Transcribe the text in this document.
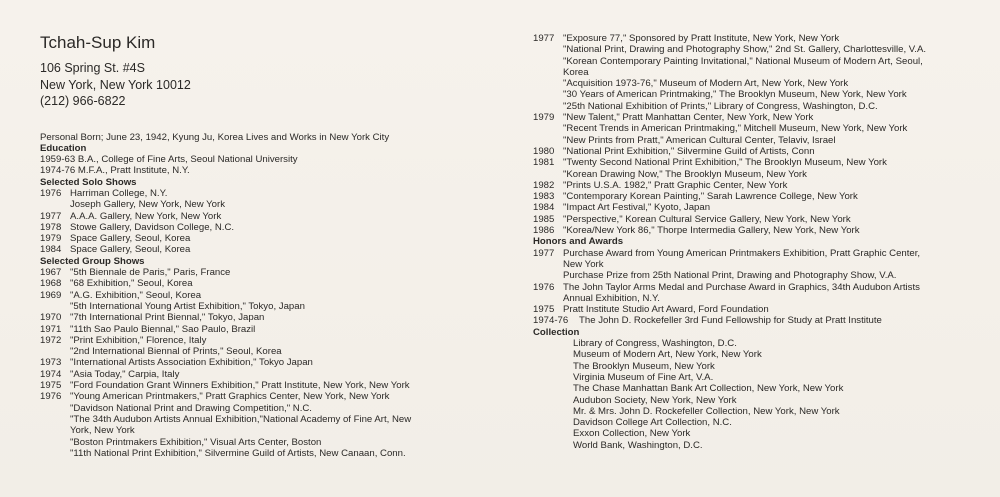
Tchah-Sup Kim
106 Spring St. #4S
New York, New York 10012
(212) 966-6822
Personal Born; June 23, 1942, Kyung Ju, Korea Lives and Works in New York City
Education
1959-63 B.A., College of Fine Arts, Seoul National University
1974-76 M.F.A., Pratt Institute, N.Y.
Selected Solo Shows
1976 Harriman College, N.Y.
Joseph Gallery, New York, New York
1977 A.A.A. Gallery, New York, New York
1978 Stowe Gallery, Davidson College, N.C.
1979 Space Gallery, Seoul, Korea
1984 Space Gallery, Seoul, Korea
Selected Group Shows
1967 "5th Biennale de Paris," Paris, France
1968 "68 Exhibition," Seoul, Korea
1969 "A.G. Exhibition," Seoul, Korea
"5th International Young Artist Exhibition," Tokyo, Japan
1970 "7th International Print Biennal," Tokyo, Japan
1971 "11th Sao Paulo Biennal," Sao Paulo, Brazil
1972 "Print Exhibition," Florence, Italy
"2nd International Biennal of Prints," Seoul, Korea
1973 "International Artists Association Exhibition," Tokyo Japan
1974 "Asia Today," Carpia, Italy
1975 "Ford Foundation Grant Winners Exhibition," Pratt Institute, New York, New York
1976 "Young American Printmakers," Pratt Graphics Center, New York, New York
"Davidson National Print and Drawing Competition," N.C.
"The 34th Audubon Artists Annual Exhibition,"National Academy of Fine Art, New
York, New York
"Boston Printmakers Exhibition," Visual Arts Center, Boston
"11th National Print Exhibition," Silvermine Guild of Artists, New Canaan, Conn.
1977 "Exposure 77," Sponsored by Pratt Institute, New York, New York
"National Print, Drawing and Photography Show," 2nd St. Gallery, Charlottesville, V.A.
"Korean Contemporary Painting Invitational," National Museum of Modern Art, Seoul,
Korea
"Acquisition 1973-76," Museum of Modern Art, New York, New York
"30 Years of American Printmaking," The Brooklyn Museum, New York, New York
"25th National Exhibition of Prints," Library of Congress, Washington, D.C.
1979 "New Talent," Pratt Manhattan Center, New York, New York
"Recent Trends in American Printmaking," Mitchell Museum, New York, New York
"New Prints from Pratt," American Cultural Center, Telaviv, Israel
1980 "National Print Exhibition," Silvermine Guild of Artists, Conn
1981 "Twenty Second National Print Exhibition," The Brooklyn Museum, New York
"Korean Drawing Now," The Brooklyn Museum, New York
1982 "Prints U.S.A. 1982," Pratt Graphic Center, New York
1983 "Contemporary Korean Painting," Sarah Lawrence College, New York
1984 "Impact Art Festival," Kyoto, Japan
1985 "Perspective," Korean Cultural Service Gallery, New York, New York
1986 "Korea/New York 86," Thorpe Intermedia Gallery, New York, New York
Honors and Awards
1977 Purchase Award from Young American Printmakers Exhibition, Pratt Graphic Center,
New York
Purchase Prize from 25th National Print, Drawing and Photography Show, V.A.
1976 The John Taylor Arms Medal and Purchase Award in Graphics, 34th Audubon Artists
Annual Exhibition, N.Y.
1975 Pratt Institute Studio Art Award, Ford Foundation
1974-76	The John D. Rockefeller 3rd Fund Fellowship for Study at Pratt Institute
Collection
Library of Congress, Washington, D.C.
Museum of Modern Art, New York, New York
The Brooklyn Museum, New York
Virginia Museum of Fine Art, V.A.
The Chase Manhattan Bank Art Collection, New York, New York
Audubon Society, New York, New York
Mr. & Mrs. John D. Rockefeller Collection, New York, New York
Davidson College Art Collection, N.C.
Exxon Collection, New York
World Bank, Washington, D.C.
